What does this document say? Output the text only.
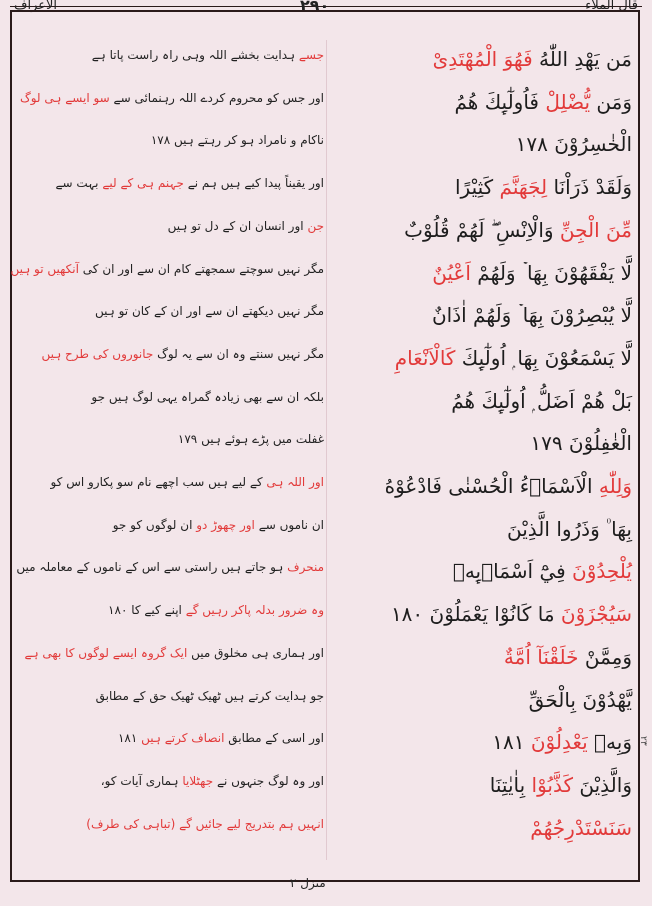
الاعراف	۲۹۰	قال الملاء
مَن يَهْدِ اللّٰهُ فَهُوَ الْمُهْتَدِیْ
وَمَن يُّضْلِلْ فَاُولٰٓىِٕكَ هُمُ
الْخٰسِرُوْنَ ۱۷۸
وَلَقَدْ ذَرَاْنَا لِجَهَنَّمَ كَثِيْرًا
مِّنَ الْجِنِّ وَالْاِنْسِ ۖ لَهُمْ قُلُوْبٌ
لَّا يَفْقَهُوْنَ بِهَا ۡ وَلَهُمْ اَعْيُنٌ
لَّا يُبْصِرُوْنَ بِهَا ۡ وَلَهُمْ اٰذَانٌ
لَّا يَسْمَعُوْنَ بِهَا ۭ اُولٰٓىِٕكَ كَالْاَنْعَامِ
بَلْ هُمْ اَضَلُّ ۭ اُولٰٓىِٕكَ هُمُ
الْغٰفِلُوْنَ ۱۷۹
وَلِلّٰهِ الْاَسْمَاۗءُ الْحُسْنٰى فَادْعُوْهُ
بِهَا ۠ وَذَرُوا الَّذِيْنَ
يُلْحِدُوْنَ فِيْٓ اَسْمَاۗىِٕهٖ
سَيُجْزَوْنَ مَا كَانُوْا يَعْمَلُوْنَ ۱۸۰
وَمِمَّنْ خَلَقْنَآ اُمَّةٌ
يَّهْدُوْنَ بِالْحَقِّ
وَبِهٖ يَعْدِلُوْنَ ۱۸۱
وَالَّذِيْنَ كَذَّبُوْا بِاٰيٰتِنَا
سَنَسْتَدْرِجُهُمْ
جسے ہدایت بخشے اللہ وہی راہ راست پاتا ہے
اور جس کو محروم کردے اللہ رہنمائی سے سو ایسے ہی لوگ
ناکام و نامراد ہو کر رہتے ہیں ۱۷۸
اور یقیناً پیدا کیے ہیں ہم نے جہنم ہی کے لیے بہت سے
جن اور انسان ان کے دل تو ہیں
مگر نہیں سوچتے سمجھتے کام ان سے اور ان کی آنکھیں تو ہیں
مگر نہیں دیکھتے ان سے اور ان کے کان تو ہیں
مگر نہیں سنتے وہ ان سے یہ لوگ جانوروں کی طرح ہیں
بلکہ ان سے بھی زیادہ گمراہ یہی لوگ ہیں جو
غفلت میں پڑے ہوئے ہیں ۱۷۹
اور اللہ ہی کے لیے ہیں سب اچھے نام سو پکارو اس کو
ان ناموں سے اور چھوڑ دو ان لوگوں کو جو
منحرف ہو جاتے ہیں راستی سے اس کے ناموں کے معاملہ میں
وہ ضرور بدلہ پاکر رہیں گے اپنے کیے کا ۱۸۰
اور ہماری ہی مخلوق میں ایک گروہ ایسے لوگوں کا بھی ہے
جو ہدایت کرتے ہیں ٹھیک ٹھیک حق کے مطابق
اور اسی کے مطابق انصاف کرتے ہیں ۱۸۱
اور وہ لوگ جنہوں نے جھٹلایا ہماری آیات کو،
انہیں ہم بتدریج لیے جائیں گے (تباہی کی طرف)
۲۳
منزل ۲
